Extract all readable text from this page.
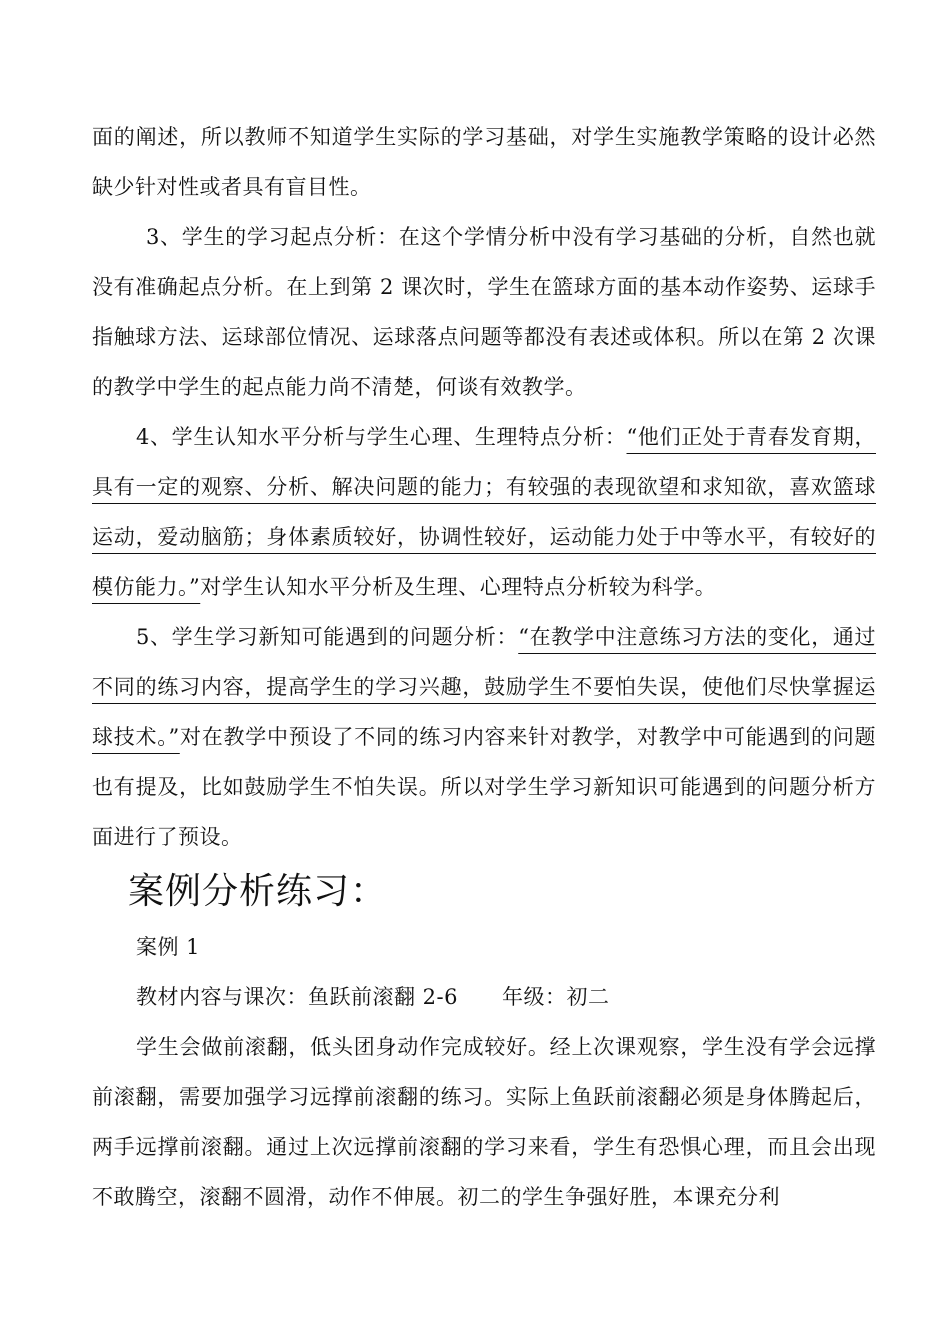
面的阐述，所以教师不知道学生实际的学习基础，对学生实施教学策略的设计必然缺少针对性或者具有盲目性。

3、学生的学习起点分析：在这个学情分析中没有学习基础的分析，自然也就没有准确起点分析。在上到第 2 课次时，学生在篮球方面的基本动作姿势、运球手指触球方法、运球部位情况、运球落点问题等都没有表述或体积。所以在第 2 次课的教学中学生的起点能力尚不清楚，何谈有效教学。

4、学生认知水平分析与学生心理、生理特点分析：“他们正处于青春发育期，具有一定的观察、分析、解决问题的能力；有较强的表现欲望和求知欲，喜欢篮球运动，爱动脑筋；身体素质较好，协调性较好，运动能力处于中等水平，有较好的模仿能力。”对学生认知水平分析及生理、心理特点分析较为科学。

5、学生学习新知可能遇到的问题分析：“在教学中注意练习方法的变化，通过不同的练习内容，提高学生的学习兴趣，鼓励学生不要怕失误，使他们尽快掌握运球技术。”对在教学中预设了不同的练习内容来针对教学，对教学中可能遇到的问题也有提及，比如鼓励学生不怕失误。所以对学生学习新知识可能遇到的问题分析方面进行了预设。

案例分析练习：

案例 1

教材内容与课次：鱼跃前滚翻 2-6 年级：初二

学生会做前滚翻，低头团身动作完成较好。经上次课观察，学生没有学会远撑前滚翻，需要加强学习远撑前滚翻的练习。实际上鱼跃前滚翻必须是身体腾起后，两手远撑前滚翻。通过上次远撑前滚翻的学习来看，学生有恐惧心理，而且会出现不敢腾空，滚翻不圆滑，动作不伸展。初二的学生争强好胜，本课充分利
